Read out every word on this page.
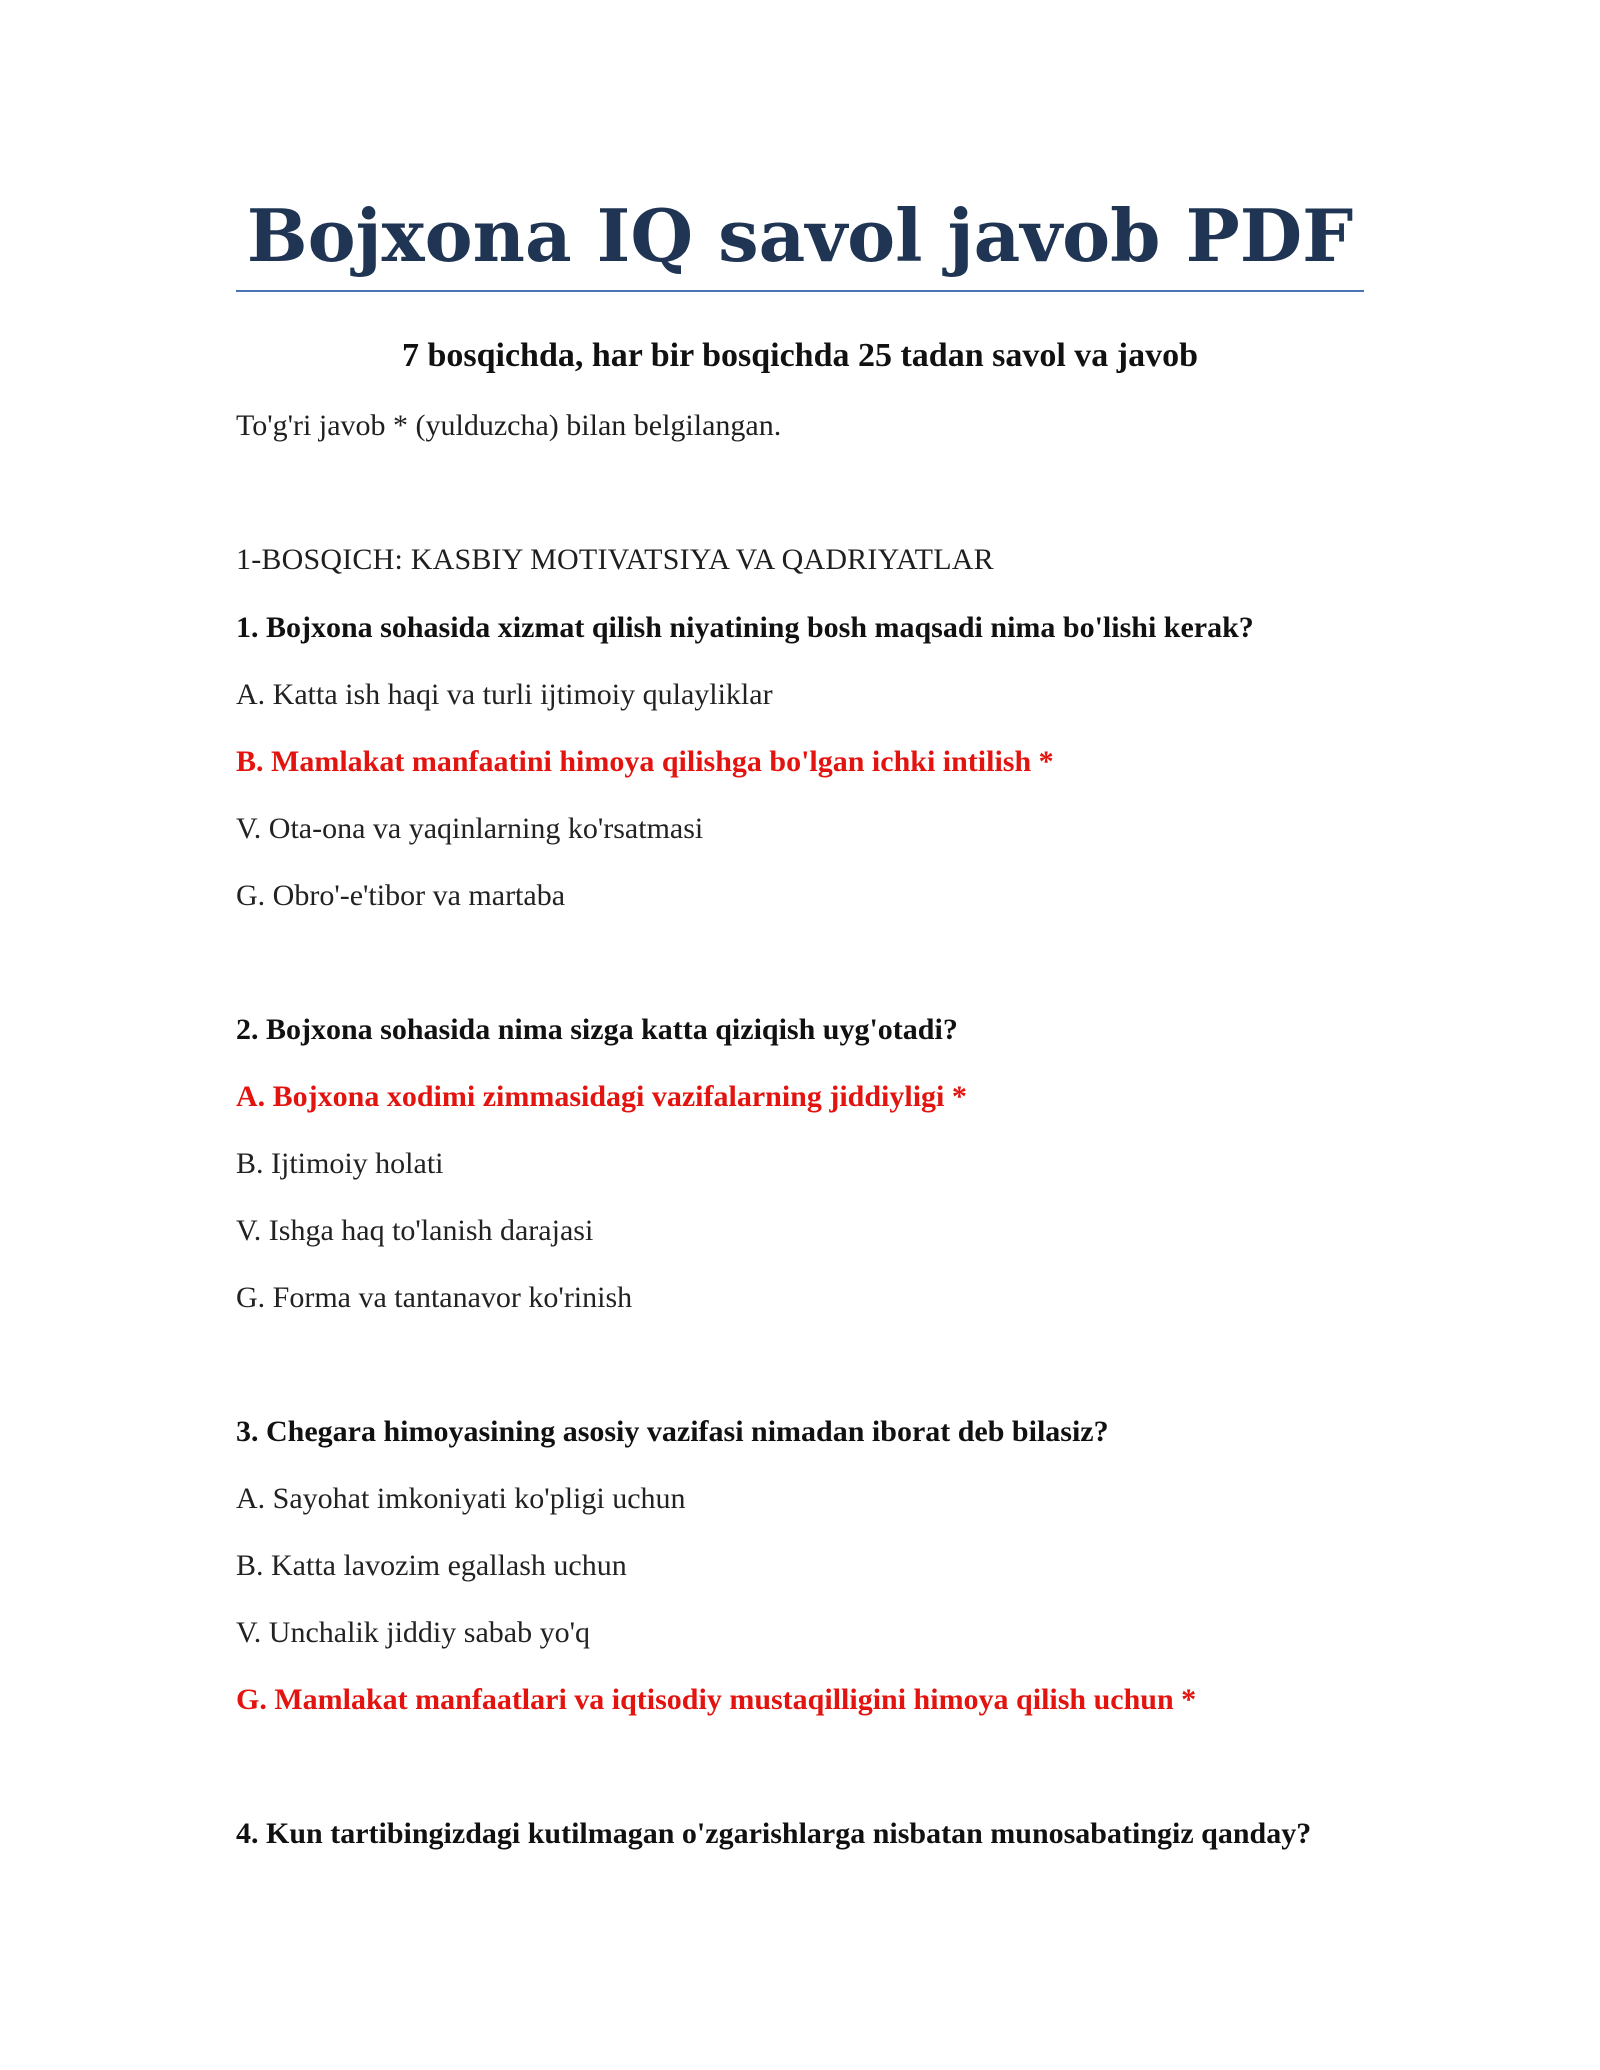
Bojxona IQ savol javob PDF
7 bosqichda, har bir bosqichda 25 tadan savol va javob

To'g'ri javob * (yulduzcha) bilan belgilangan.

1-BOSQICH: KASBIY MOTIVATSIYA VA QADRIYATLAR

1. Bojxona sohasida xizmat qilish niyatining bosh maqsadi nima bo'lishi kerak?

A. Katta ish haqi va turli ijtimoiy qulayliklar

B. Mamlakat manfaatini himoya qilishga bo'lgan ichki intilish *

V. Ota-ona va yaqinlarning ko'rsatmasi

G. Obro'-e'tibor va martaba

2. Bojxona sohasida nima sizga katta qiziqish uyg'otadi?

A. Bojxona xodimi zimmasidagi vazifalarning jiddiyligi *

B. Ijtimoiy holati

V. Ishga haq to'lanish darajasi

G. Forma va tantanavor ko'rinish

3. Chegara himoyasining asosiy vazifasi nimadan iborat deb bilasiz?

A. Sayohat imkoniyati ko'pligi uchun

B. Katta lavozim egallash uchun

V. Unchalik jiddiy sabab yo'q

G. Mamlakat manfaatlari va iqtisodiy mustaqilligini himoya qilish uchun *

4. Kun tartibingizdagi kutilmagan o'zgarishlarga nisbatan munosabatingiz qanday?
